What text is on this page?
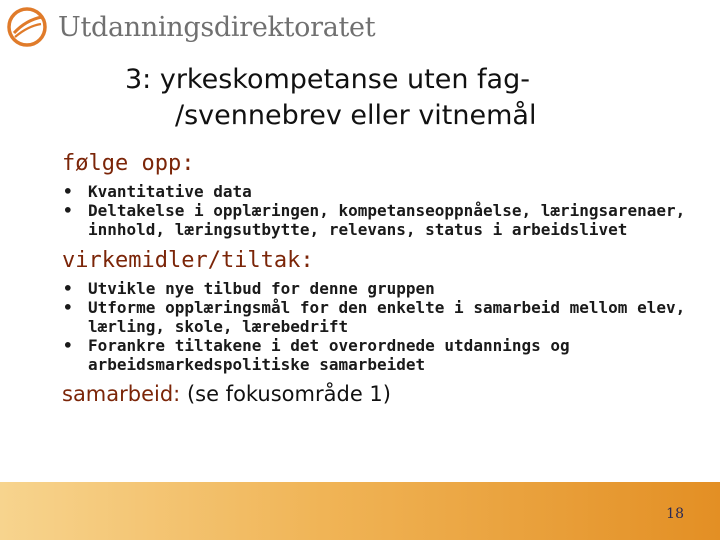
Utdanningsdirektoratet
3: yrkeskompetanse uten fag-
/svennebrev eller vitnemål
følge opp:
• Kvantitative data
• Deltakelse i opplæringen, kompetanseoppnåelse, læringsarenaer, innhold, læringsutbytte, relevans, status i arbeidslivet
virkemidler/tiltak:
• Utvikle nye tilbud for denne gruppen
• Utforme opplæringsmål for den enkelte i samarbeid mellom elev, lærling, skole, lærebedrift
• Forankre tiltakene i det overordnede utdannings og arbeidsmarkedspolitiske samarbeidet
samarbeid: (se fokusområde 1)
18
